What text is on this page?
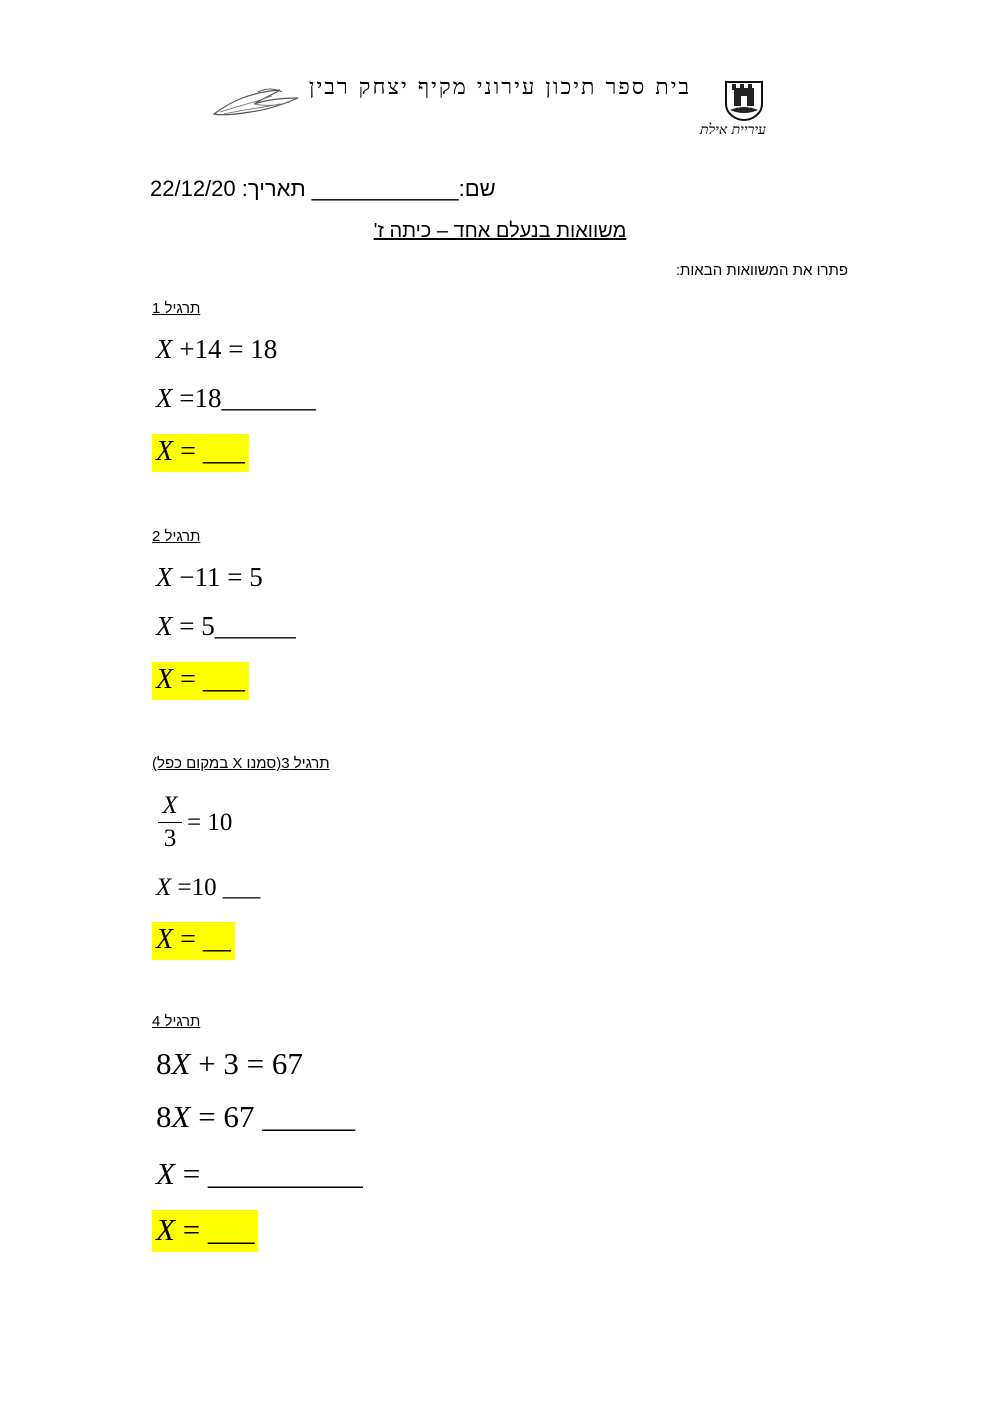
בית ספר תיכון עירוני מקיף יצחק רבין
עיריית אילת
22/12/20 תאריך: ____________שם:
משוואות בנעלם אחד – כיתה ז'
פתרו את המשוואות הבאות:
תרגיל 1
X +14 = 18
X =18_______
X = ___
תרגיל 2
X −11 = 5
X = 5______
X = ___
תרגיל 3(סמנו X במקום כפל)
X
3
= 10
X =10 ___
X = __
תרגיל 4
8X + 3 = 67
8X = 67 ______
X = __________
X = ___
